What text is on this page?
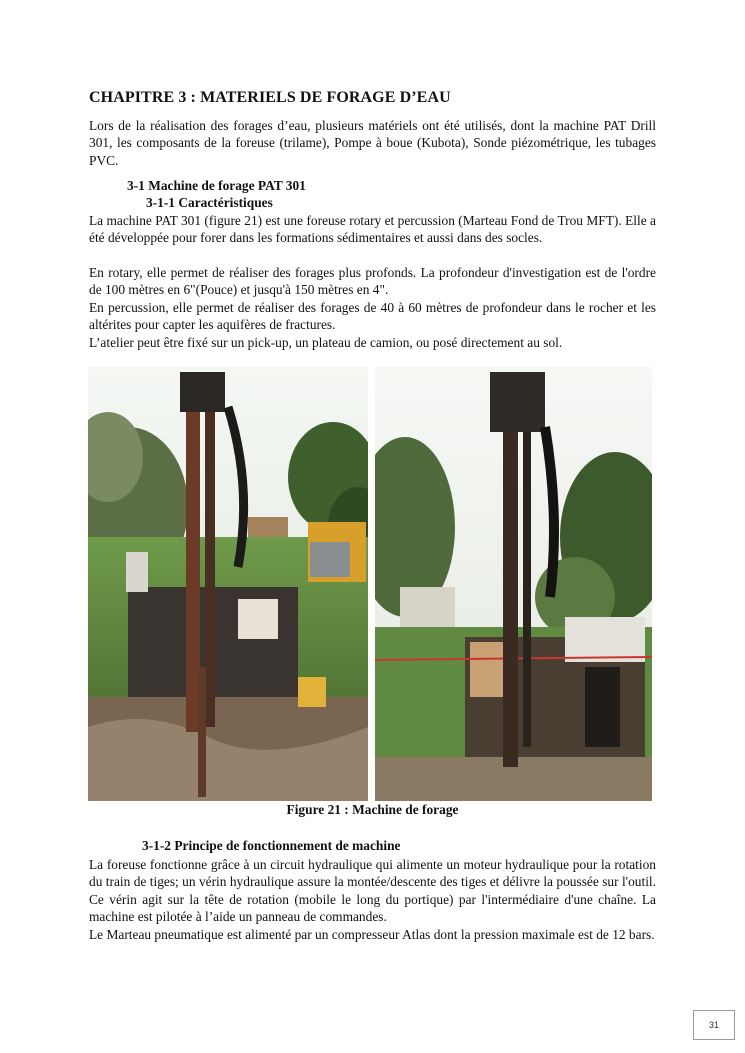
CHAPITRE 3 : MATERIELS DE FORAGE D’EAU

Lors de la réalisation des forages d’eau, plusieurs matériels ont été utilisés, dont la machine PAT Drill 301, les composants de la foreuse (trilame), Pompe à boue (Kubota), Sonde piézométrique, les tubages PVC.

3-1 Machine de forage PAT 301
3-1-1 Caractéristiques

La machine PAT 301 (figure 21) est une foreuse rotary et percussion (Marteau Fond de Trou MFT). Elle a été développée pour forer dans les formations sédimentaires et aussi dans des socles.

En rotary, elle permet de réaliser des forages plus profonds. La profondeur d'investigation est de l'ordre de 100 mètres en 6"(Pouce) et jusqu'à 150 mètres en 4".

En percussion, elle permet de réaliser des forages de 40 à 60 mètres de profondeur dans le rocher et les altérites pour capter les aquifères de fractures.

L’atelier peut être fixé sur un pick-up, un plateau de camion, ou posé directement au sol.

Figure 21 : Machine de forage
3-1-2 Principe de fonctionnement de machine

La foreuse fonctionne grâce à un circuit hydraulique qui alimente un moteur hydraulique pour la rotation du train de tiges; un vérin hydraulique assure la montée/descente des tiges et délivre la poussée sur l'outil. Ce vérin agit sur la tête de rotation (mobile le long du portique) par l'intermédiaire d'une chaîne. La machine est pilotée à l’aide un panneau de commandes.

Le Marteau pneumatique est alimenté par un compresseur Atlas dont la pression maximale est de 12 bars.

31
